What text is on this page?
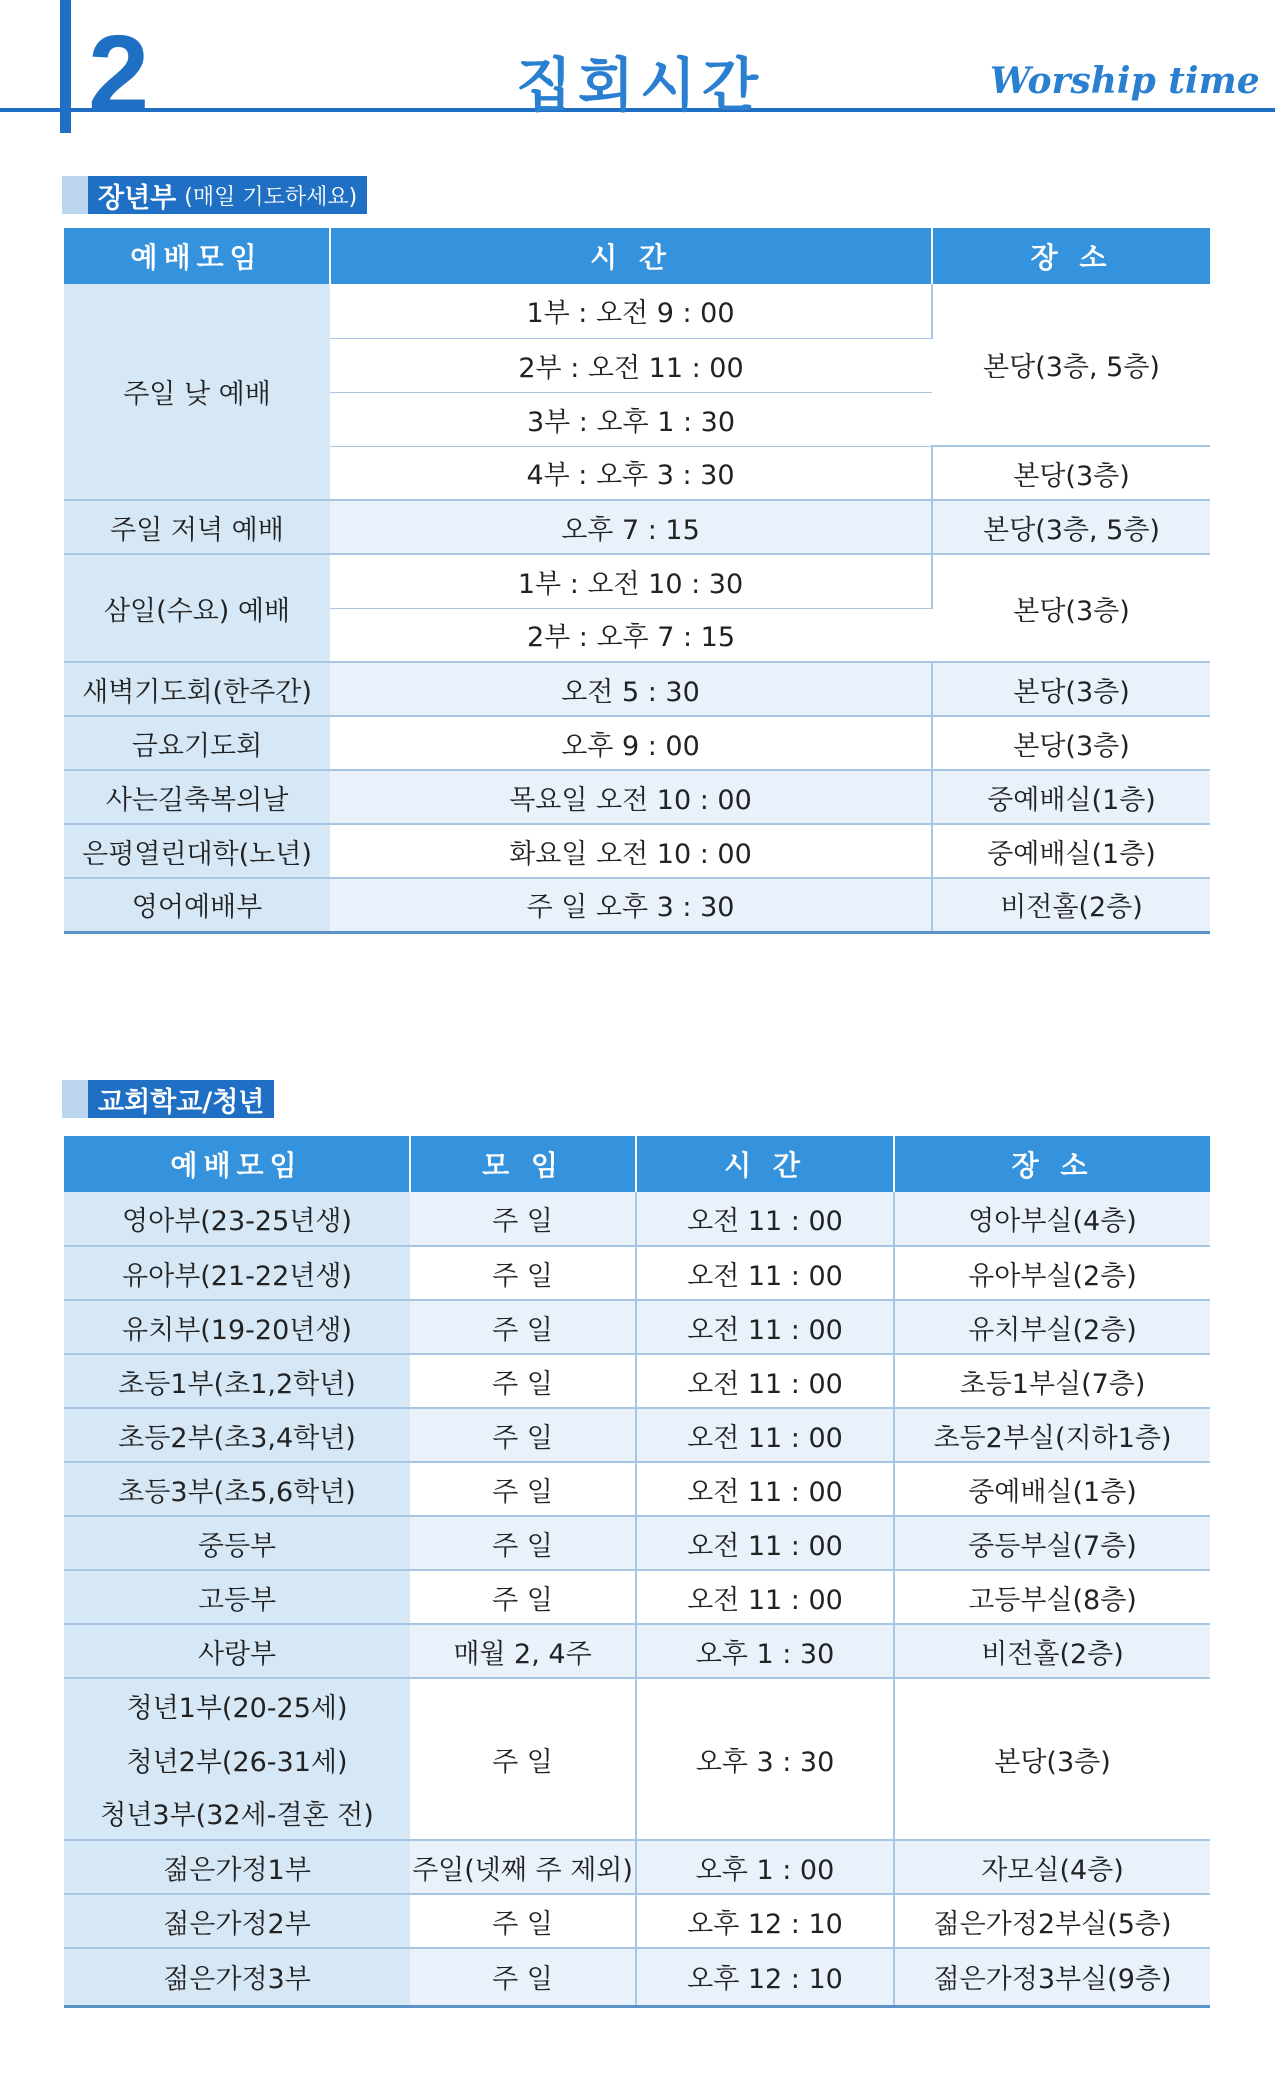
2	집회시간	Worship time
장년부 (매일 기도하세요)
예배모임	시 간	장 소
주일 낮 예배	1부 : 오전 9 : 00	본당(3층, 5층)
	2부 : 오전 11 : 00	
	3부 : 오후 1 : 30	
	4부 : 오후 3 : 30	본당(3층)
주일 저녁 예배	오후 7 : 15	본당(3층, 5층)
삼일(수요) 예배	1부 : 오전 10 : 30	본당(3층)
	2부 : 오후 7 : 15	
새벽기도회(한주간)	오전 5 : 30	본당(3층)
금요기도회	오후 9 : 00	본당(3층)
사는길축복의날	목요일 오전 10 : 00	중예배실(1층)
은평열린대학(노년)	화요일 오전 10 : 00	중예배실(1층)
영어예배부	주 일 오후 3 : 30	비전홀(2층)
교회학교/청년
예배모임	모 임	시 간	장 소
영아부(23-25년생)	주 일	오전 11 : 00	영아부실(4층)
유아부(21-22년생)	주 일	오전 11 : 00	유아부실(2층)
유치부(19-20년생)	주 일	오전 11 : 00	유치부실(2층)
초등1부(초1,2학년)	주 일	오전 11 : 00	초등1부실(7층)
초등2부(초3,4학년)	주 일	오전 11 : 00	초등2부실(지하1층)
초등3부(초5,6학년)	주 일	오전 11 : 00	중예배실(1층)
중등부	주 일	오전 11 : 00	중등부실(7층)
고등부	주 일	오전 11 : 00	고등부실(8층)
사랑부	매월 2, 4주	오후 1 : 30	비전홀(2층)
청년1부(20-25세)	주 일	오후 3 : 30	본당(3층)
청년2부(26-31세)			
청년3부(32세-결혼 전)			
젊은가정1부	주일(넷째 주 제외)	오후 1 : 00	자모실(4층)
젊은가정2부	주 일	오후 12 : 10	젊은가정2부실(5층)
젊은가정3부	주 일	오후 12 : 10	젊은가정3부실(9층)
